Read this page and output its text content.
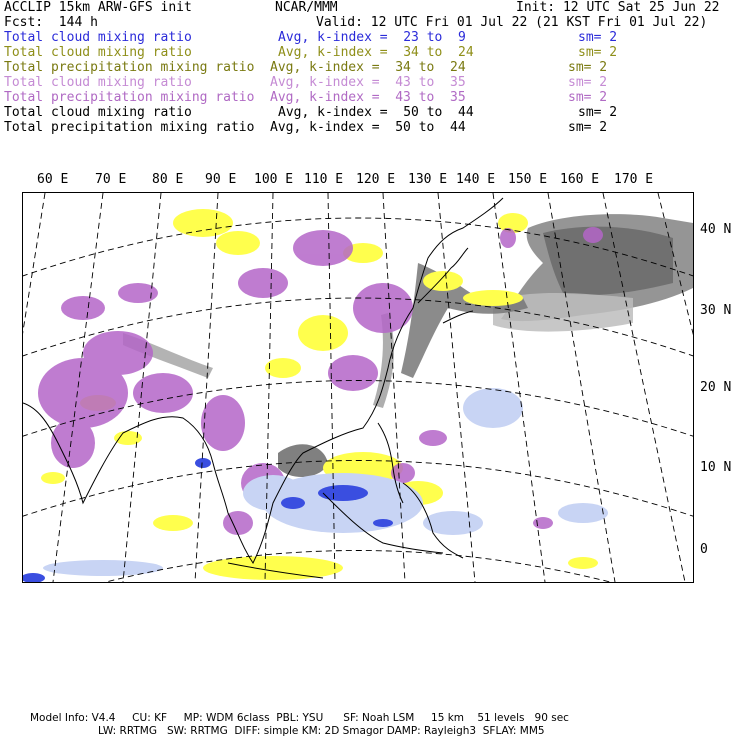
ACCLIP 15km ARW-GFS init	NCAR/MMM	Init: 12 UTC Sat 25 Jun 22
Fcst:  144 h	Valid: 12 UTC Fri 01 Jul 22 (21 KST Fri 01 Jul 22)
Total cloud mixing ratio	Avg, k-index =  23 to  9	sm= 2
Total cloud mixing ratio	Avg, k-index =  34 to  24	sm= 2
Total precipitation mixing ratio Avg, k-index =  34 to  24	sm= 2
Total cloud mixing ratio	Avg, k-index =  43 to  35	sm= 2
Total precipitation mixing ratio Avg, k-index =  43 to  35	sm= 2
Total cloud mixing ratio	Avg, k-index =  50 to  44	sm= 2
Total precipitation mixing ratio Avg, k-index =  50 to  44	sm= 2
60 E 70 E 80 E 90 E 100 E 110 E 120 E 130 E 140 E 150 E 160 E 170 E
40 N
30 N
20 N
10 N
0
Model Info: V4.4     CU: KF     MP: WDM 6class  PBL: YSU      SF: Noah LSM     15 km    51 levels   90 sec
LW: RRTMG   SW: RRTMG  DIFF: simple KM: 2D Smagor DAMP: Rayleigh3  SFLAY: MM5
